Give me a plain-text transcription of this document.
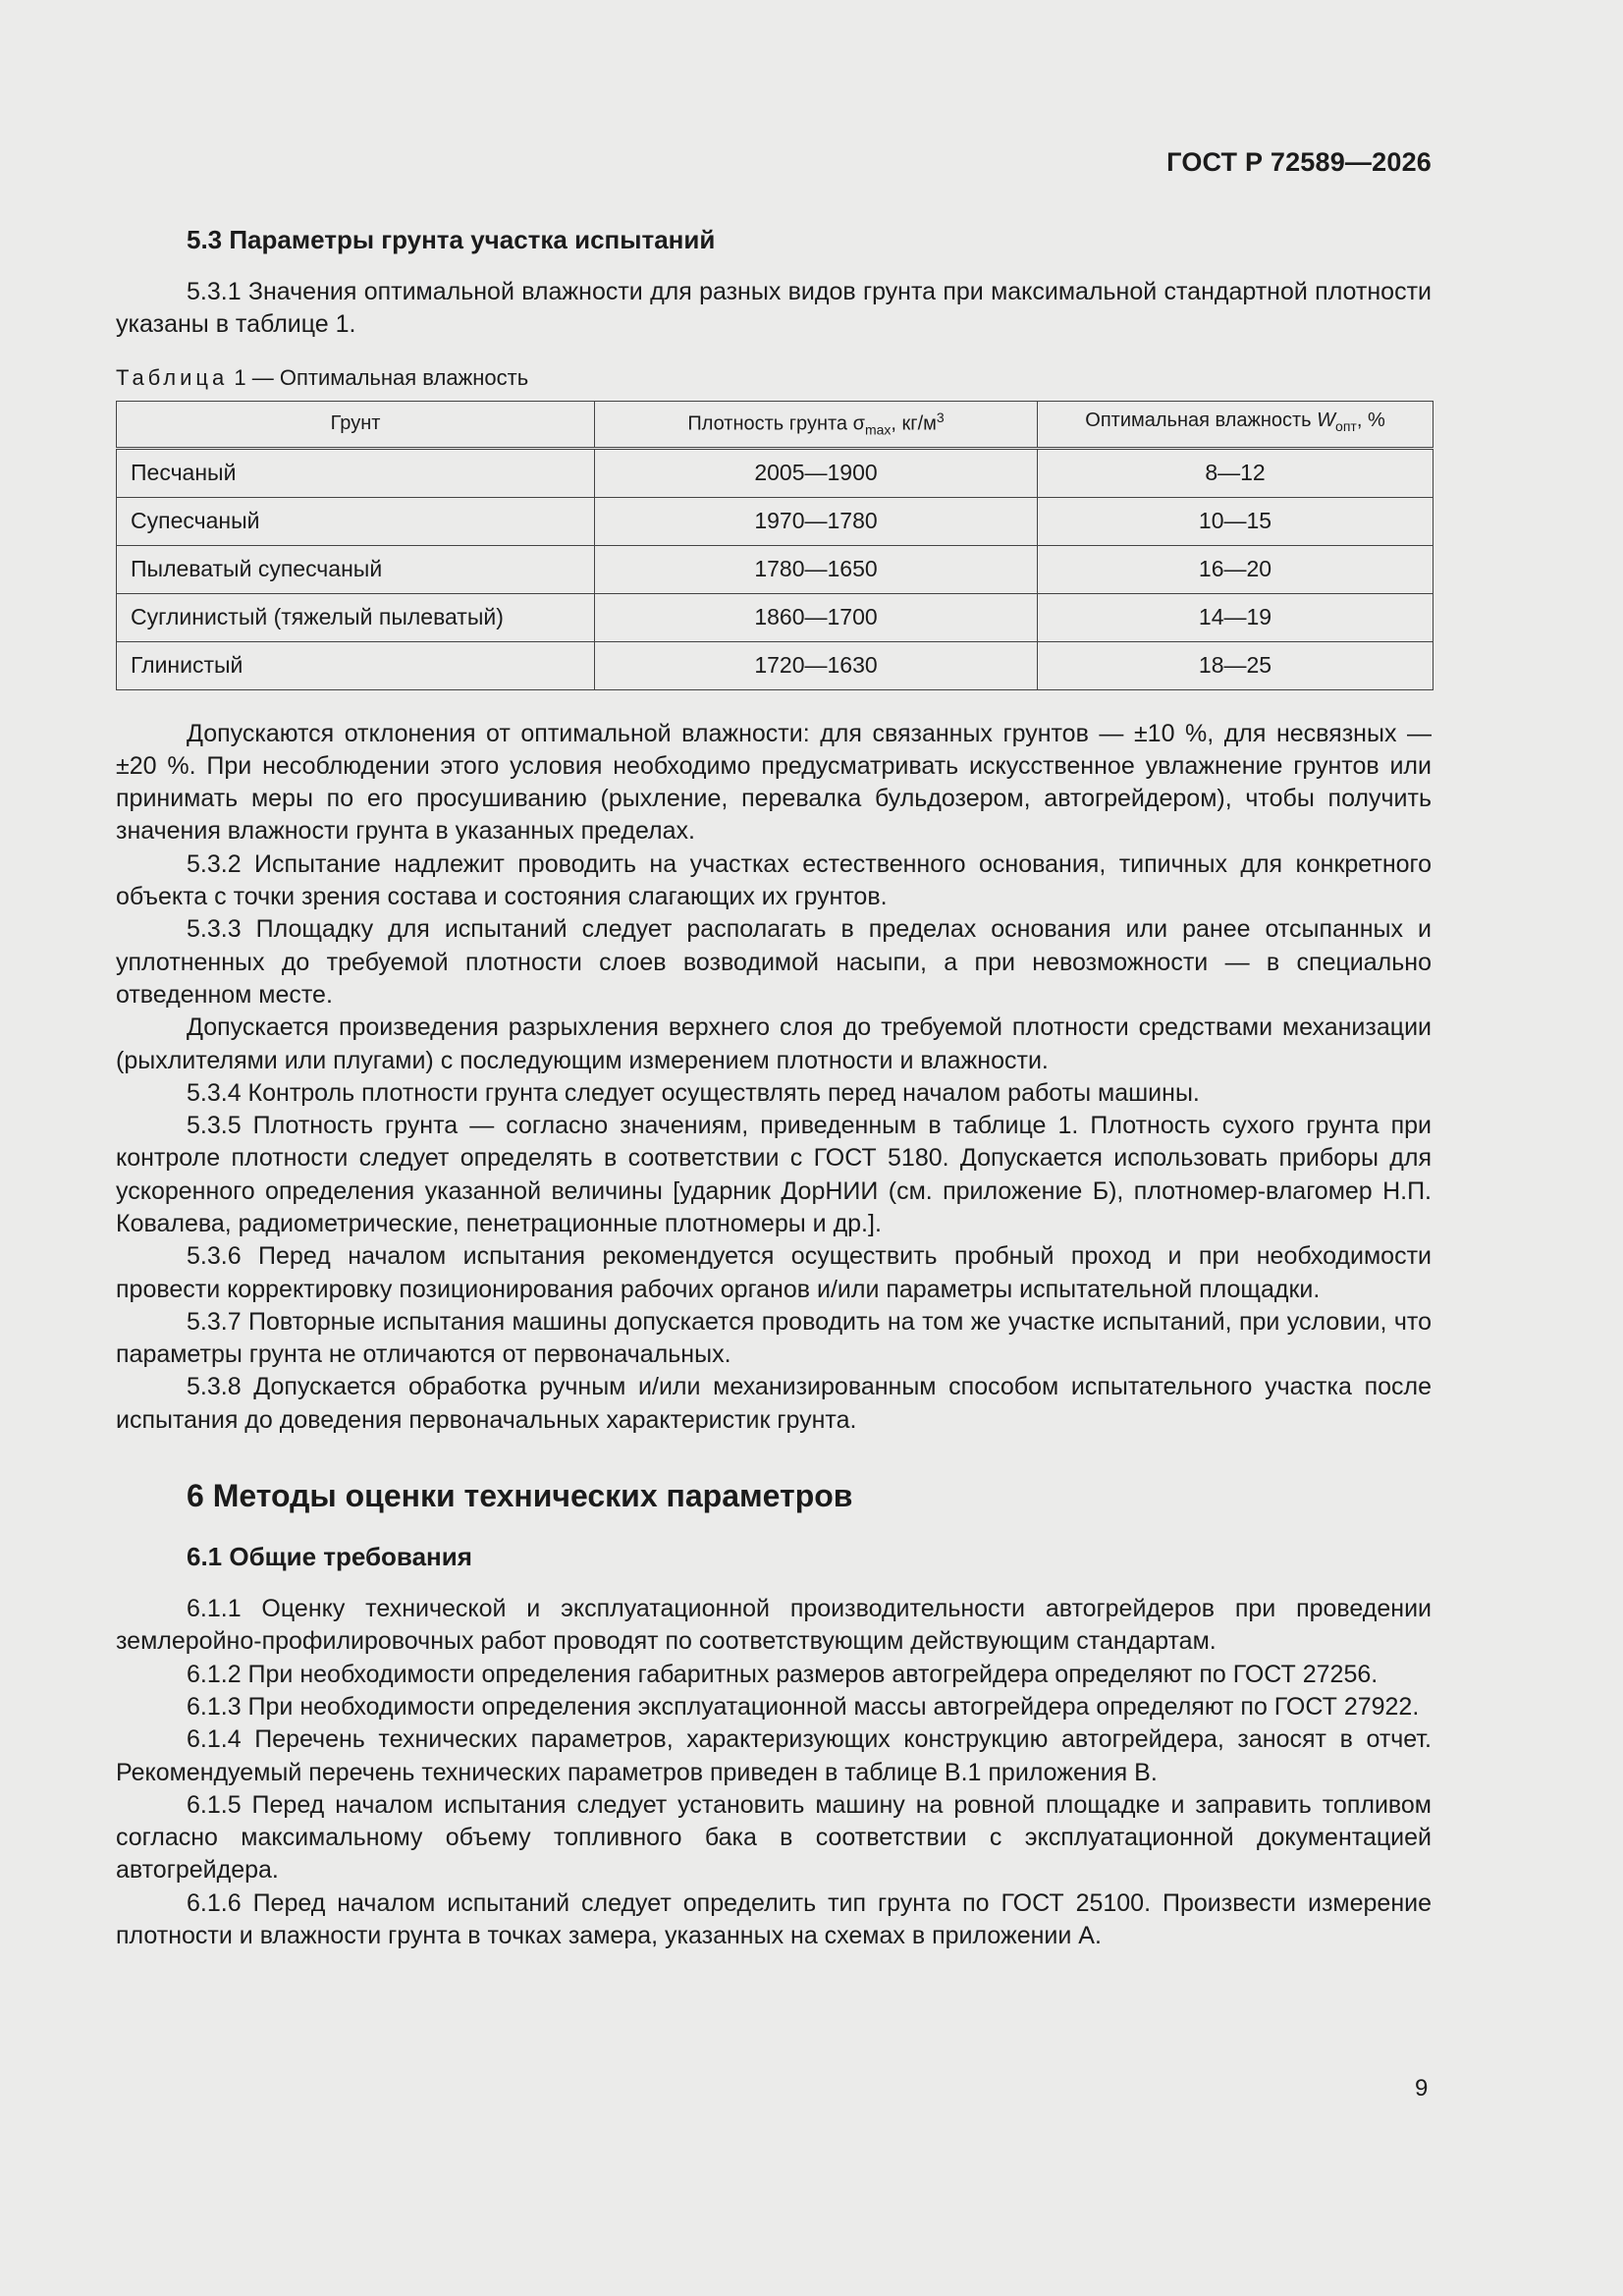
ГОСТ Р 72589—2026
5.3 Параметры грунта участка испытаний

5.3.1 Значения оптимальной влажности для разных видов грунта при максимальной стандартной плотности указаны в таблице 1.

Таблица 1 — Оптимальная влажность
Грунт	Плотность грунта $\sigma_{max}$, $кг/м^3$	Оптимальная влажность $W_{опт}$, %
Песчаный	2005—1900	8—12
Супесчаный	1970—1780	10—15
Пылеватый супесчаный	1780—1650	16—20
Суглинистый (тяжелый пылеватый)	1860—1700	14—19
Глинистый	1720—1630	18—25

Допускаются отклонения от оптимальной влажности: для связанных грунтов — ±10 %, для несвязных — ±20 %. При несоблюдении этого условия необходимо предусматривать искусственное увлажнение грунтов или принимать меры по его просушиванию (рыхление, перевалка бульдозером, автогрейдером), чтобы получить значения влажности грунта в указанных пределах.

5.3.2 Испытание надлежит проводить на участках естественного основания, типичных для конкретного объекта с точки зрения состава и состояния слагающих их грунтов.

5.3.3 Площадку для испытаний следует располагать в пределах основания или ранее отсыпанных и уплотненных до требуемой плотности слоев возводимой насыпи, а при невозможности — в специально отведенном месте.

Допускается произведения разрыхления верхнего слоя до требуемой плотности средствами механизации (рыхлителями или плугами) с последующим измерением плотности и влажности.

5.3.4 Контроль плотности грунта следует осуществлять перед началом работы машины.

5.3.5 Плотность грунта — согласно значениям, приведенным в таблице 1. Плотность сухого грунта при контроле плотности следует определять в соответствии с ГОСТ 5180. Допускается использовать приборы для ускоренного определения указанной величины [ударник ДорНИИ (см. приложение Б), плотномер-влагомер Н.П. Ковалева, радиометрические, пенетрационные плотномеры и др.].

5.3.6 Перед началом испытания рекомендуется осуществить пробный проход и при необходимости провести корректировку позиционирования рабочих органов и/или параметры испытательной площадки.

5.3.7 Повторные испытания машины допускается проводить на том же участке испытаний, при условии, что параметры грунта не отличаются от первоначальных.

5.3.8 Допускается обработка ручным и/или механизированным способом испытательного участка после испытания до доведения первоначальных характеристик грунта.

6 Методы оценки технических параметров
6.1 Общие требования

6.1.1 Оценку технической и эксплуатационной производительности автогрейдеров при проведении землеройно-профилировочных работ проводят по соответствующим действующим стандартам.

6.1.2 При необходимости определения габаритных размеров автогрейдера определяют по ГОСТ 27256.

6.1.3 При необходимости определения эксплуатационной массы автогрейдера определяют по ГОСТ 27922.

6.1.4 Перечень технических параметров, характеризующих конструкцию автогрейдера, заносят в отчет. Рекомендуемый перечень технических параметров приведен в таблице В.1 приложения В.

6.1.5 Перед началом испытания следует установить машину на ровной площадке и заправить топливом согласно максимальному объему топливного бака в соответствии с эксплуатационной документацией автогрейдера.

6.1.6 Перед началом испытаний следует определить тип грунта по ГОСТ 25100. Произвести измерение плотности и влажности грунта в точках замера, указанных на схемах в приложении А.

9
